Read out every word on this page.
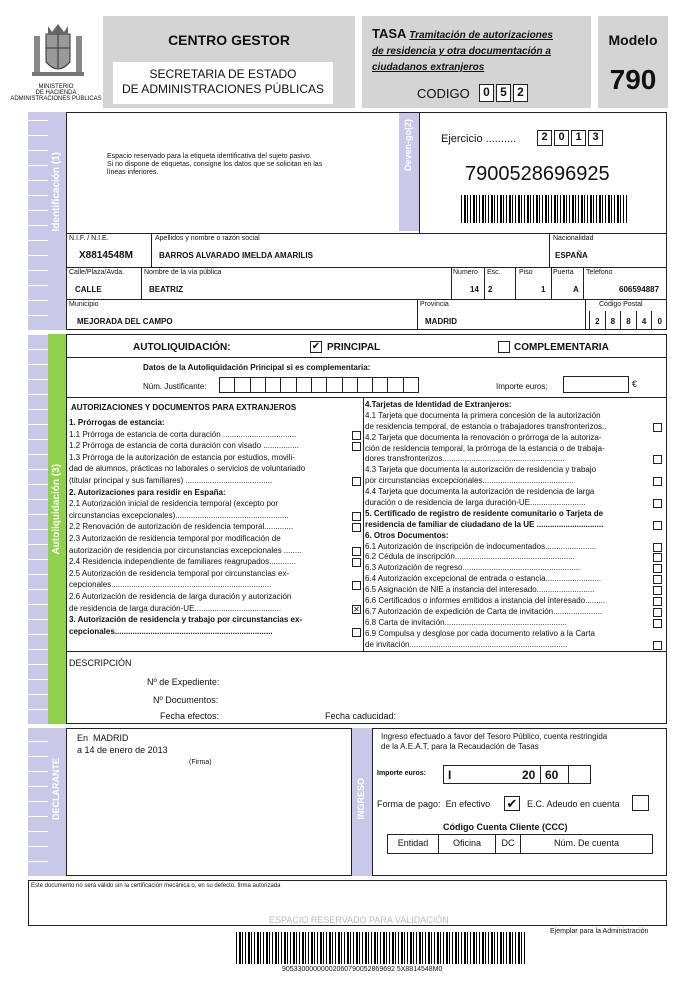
MINISTERIO
DE HACIENDA
ADMINISTRACIONES PÚBLICAS
CENTRO GESTOR
SECRETARIA DE ESTADO
DE ADMINISTRACIONES PÚBLICAS
TASA Tramitación de autorizaciones
de residencia y otra documentación a
ciudadanos extranjeros
CODIGO	0 5 2
Modelo
790
Identificación (1)	Espacio reservado para la etiqueta identificativa del sujeto pasivo.
Si no dispone de etiquetas, consigne los datos que se solicitan en las
líneas inferiores.
Deven-go(2)	Ejercicio ..........	2 0 1 3
7900528696925
N.I.F. / N.I.E.	Apellidos y nombre o razón social	Nacionalidad
X8814548M	BARROS ALVARADO IMELDA AMARILIS	ESPAÑA
Calle/Plaza/Avda.	Nombre de la vía pública	Numero Esc.	Piso	Puerta Teléfono
CALLE	BEATRIZ	14 2	1	A	606594887
Municipio	Provincia	Código Postal
MEJORADA DEL CAMPO	MADRID	2	8	8	4	0
Autoliquidación (3)
AUTOLIQUIDACIÓN:	✔ PRINCIPAL	COMPLEMENTARIA
Datos de la Autoliquidación Principal si es complementaria:
Núm. Justificante:	Importe euros:	€
AUTORIZACIONES Y DOCUMENTOS PARA EXTRANJEROS
1. Prórrogas de estancia:
1.1 Prórroga de estancia de corta duración .................................
1.2 Prórroga de estancia de corta duración con visado ................
1.3 Prórroga de la autorización de estancia por estudios, movili-
dad de alumnos, prácticas no laborales o servicios de voluntariado
(titular principal y sus familiares) .......................................
2. Autorizaciones para residir en España:
2.1 Autorización inicial de residencia temporal (excepto por
circunstancias excepcionales)...................................................
2.2 Renovación de autorización de residencia temporal.............
2.3 Autorización de residencia temporal por modificación de
autorización de residencia por circunstancias excepcionales ........
2.4 Residencia independiente de familiares reagrupados............
2.5 Autorización de residencia temporal por circunstancias ex-
cepcionales........................................................................
2.6 Autorización de residencia de larga duración y autorización
de residencia de larga duración-UE.......................................	✕
3. Autorización de residencia y trabajo por circunstancias ex-
cepcionales.......................................................................
4.Tarjetas de Identidad de Extranjeros:
4.1 Tarjeta que documenta la primera concesión de la autorización
de residencia temporal, de estancia o trabajadores transfronterizos..
4.2 Tarjeta que documenta la renovación o prórroga de la autoriza-
ción de residencia temporal, la prórroga de la estancia o de trabaja-
dores transfronterizos.......................................................
4.3 Tarjeta que documenta la autorización de residencia y trabajo
por circunstancias excepcionales.........................................
4.4 Tarjeta que documenta la autorización de residencia de larga
duración o de residencia de larga duración-UE.........................
5. Certificado de registro de residente comunitario o Tarjeta de
residencia de familiar de ciudadano de la UE ..............................
6. Otros Documentos:
6.1 Autorización de inscripción de indocumentados.......................
6.2 Cédula de inscripción......................................................
6.3 Autorización de regreso.....................................................
6.4 Autorización excepcional de entrada o estancia.........................
6.5 Asignación de NIE a instancia del interesado..........................
6.6 Certificados o informes emitidos a instancia del interesado.........
6.7 Autorización de expedición de Carta de invitación......................
6.8 Carta de invitación.......................................................
6.9 Compulsa y desglose por cada documento relativo a la Carta
de invitación.......................................................................
DESCRIPCIÓN
Nº de Expediente:
Nº Documentos:
Fecha efectos:	Fecha caducidad:
DECLARANTE
En MADRID
a 14 de enero de 2013
(Firma)
INGRESO
Ingreso efectuado a favor del Tesoro Público, cuenta restringida
de la A.E.A.T, para la Recaudación de Tasas
Importe euros: I	20 60
Forma de pago: En efectivo ✔ E.C. Adeudo en cuenta
Código Cuenta Cliente (CCC)
Entidad	Oficina	DC	Núm. De cuenta
Este documento no será válido sin la certificación mecánica o, en su defecto, firma autorizada
ESPACIO RESERVADO PARA VALIDACIÓN
Ejemplar para la Administración
90533000000002060790052869692 5X8814548M0
